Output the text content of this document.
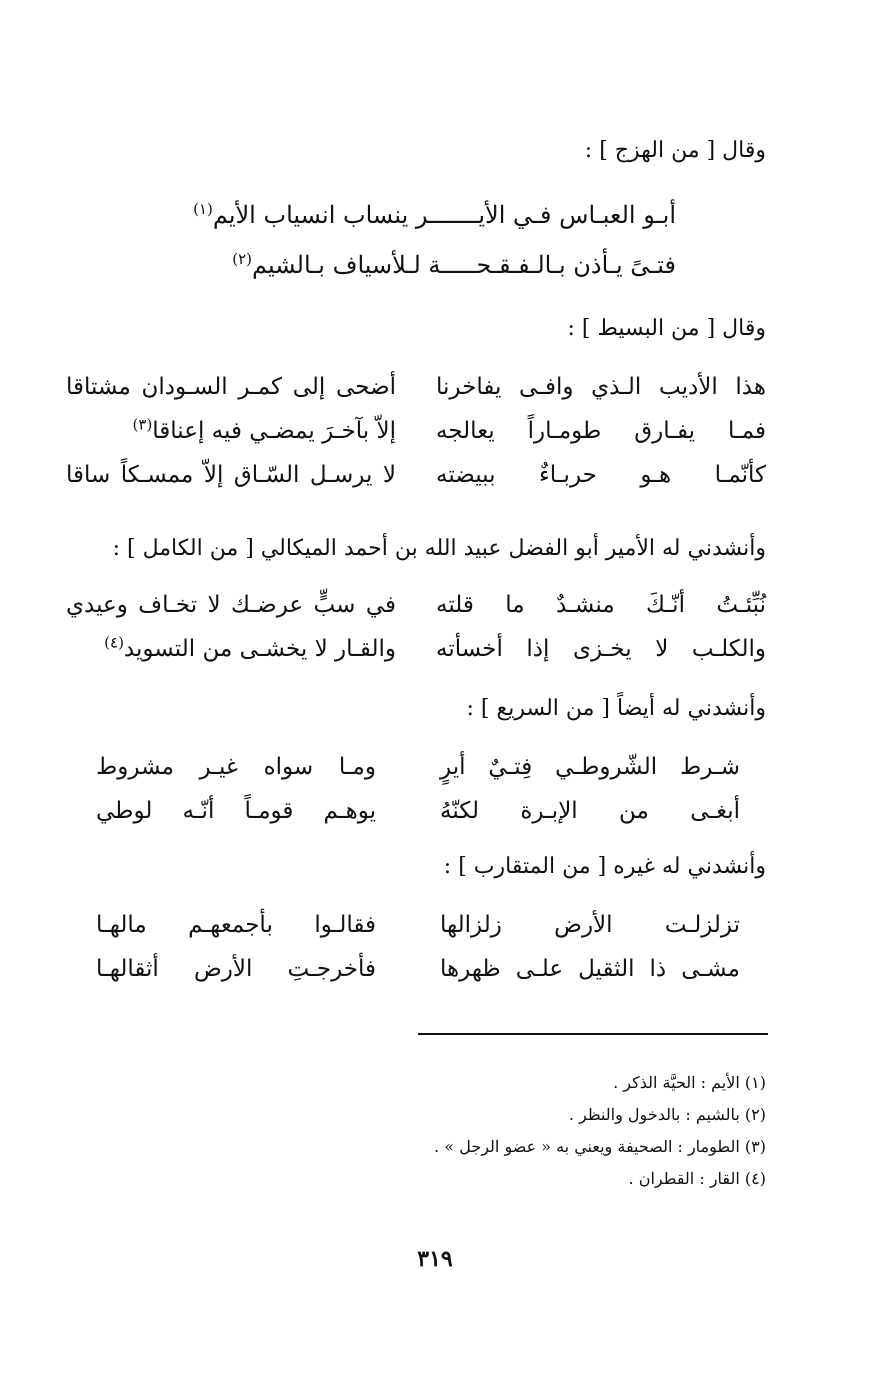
وقال [ من الهزج ] :
أبـو العبـاس فـي الأيـــــــر ينساب انسياب الأيم$^{(١)}$
فتـىً يـأذن بـالـفـقـحـــــة لـلأسياف بـالشيم$^{(٢)}$
وقال [ من البسيط ] :
هذا الأديب الـذي وافـى يفاخرنا
أضحى إلى كمـر السـودان مشتاقا
فمـا يفـارق طومـاراً يعالجه
إلاّ بآخـرَ يمضـي فيه إعناقا$^{(٣)}$
كأنّمـا هـو حربـاءٌ ببيضته
لا يرسـل السّـاق إلاّ ممسـكاً ساقا
وأنشدني له الأمير أبو الفضل عبيد الله بن أحمد الميكالي [ من الكامل ] :
نُبِّئـتُ أنّـكَ منشـدٌ ما قلته
في سبٍّ عرضـك لا تخـاف وعيدي
والكلـب لا يخـزى إذا أخسأته
والقـار لا يخشـى من التسويد$^{(٤)}$
وأنشدني له أيضاً [ من السريع ] :
شـرط الشّروطـي فِتـيٌ أيرٍ
ومـا سواه غيـر مشروط
أبغـى من الإبـرة لكنّهُ
يوهـم قومـاً أنّـه لوطي
وأنشدني له غيره [ من المتقارب ] :
تزلزلـت الأرض زلزالها
فقالـوا بأجمعهـم مالهـا
مشـى ذا الثقيل علـى ظهرها
فأخرجـتِ الأرض أثقالهـا
(١) الأيم : الحيَّة الذكر .
(٢) بالشيم : بالدخول والنظر .
(٣) الطومار : الصحيفة ويعني به « عضو الرجل » .
(٤) القار : القطران .
٣١٩
